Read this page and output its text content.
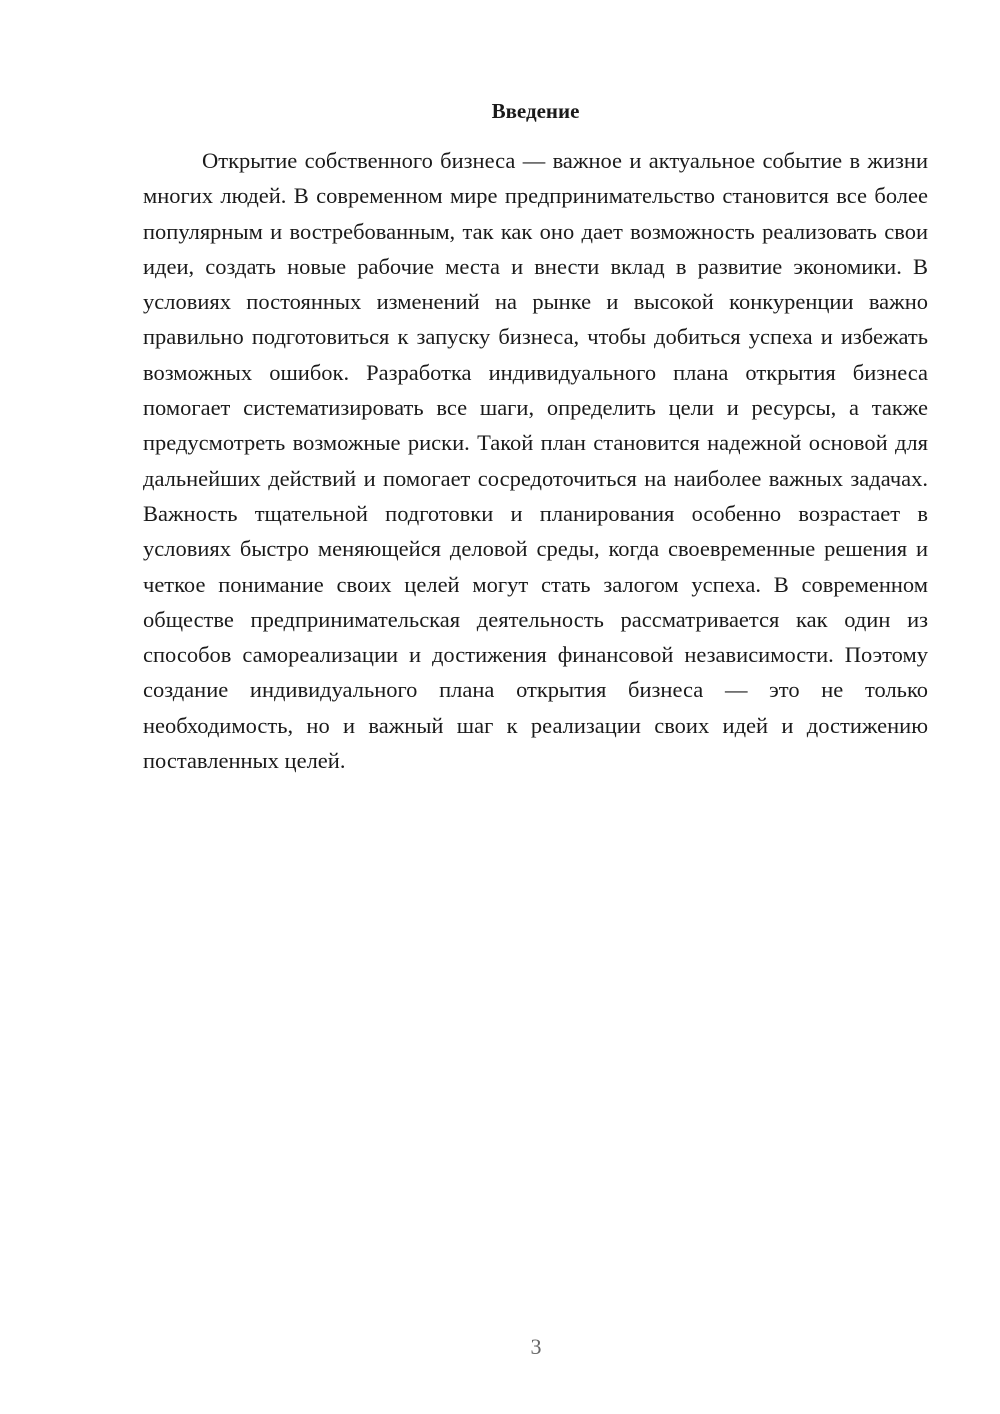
Введение

Открытие собственного бизнеса — важное и актуальное событие в жизни многих людей. В современном мире предпринимательство становится все более популярным и востребованным, так как оно дает возможность реализовать свои идеи, создать новые рабочие места и внести вклад в развитие экономики. В условиях постоянных изменений на рынке и высокой конкуренции важно правильно подготовиться к запуску бизнеса, чтобы добиться успеха и избежать возможных ошибок. Разработка индивидуального плана открытия бизнеса помогает систематизировать все шаги, определить цели и ресурсы, а также предусмотреть возможные риски. Такой план становится надежной основой для дальнейших действий и помогает сосредоточиться на наиболее важных задачах. Важность тщательной подготовки и планирования особенно возрастает в условиях быстро меняющейся деловой среды, когда своевременные решения и четкое понимание своих целей могут стать залогом успеха. В современном обществе предпринимательская деятельность рассматривается как один из способов самореализации и достижения финансовой независимости. Поэтому создание индивидуального плана открытия бизнеса — это не только необходимость, но и важный шаг к реализации своих идей и достижению поставленных целей.

3
